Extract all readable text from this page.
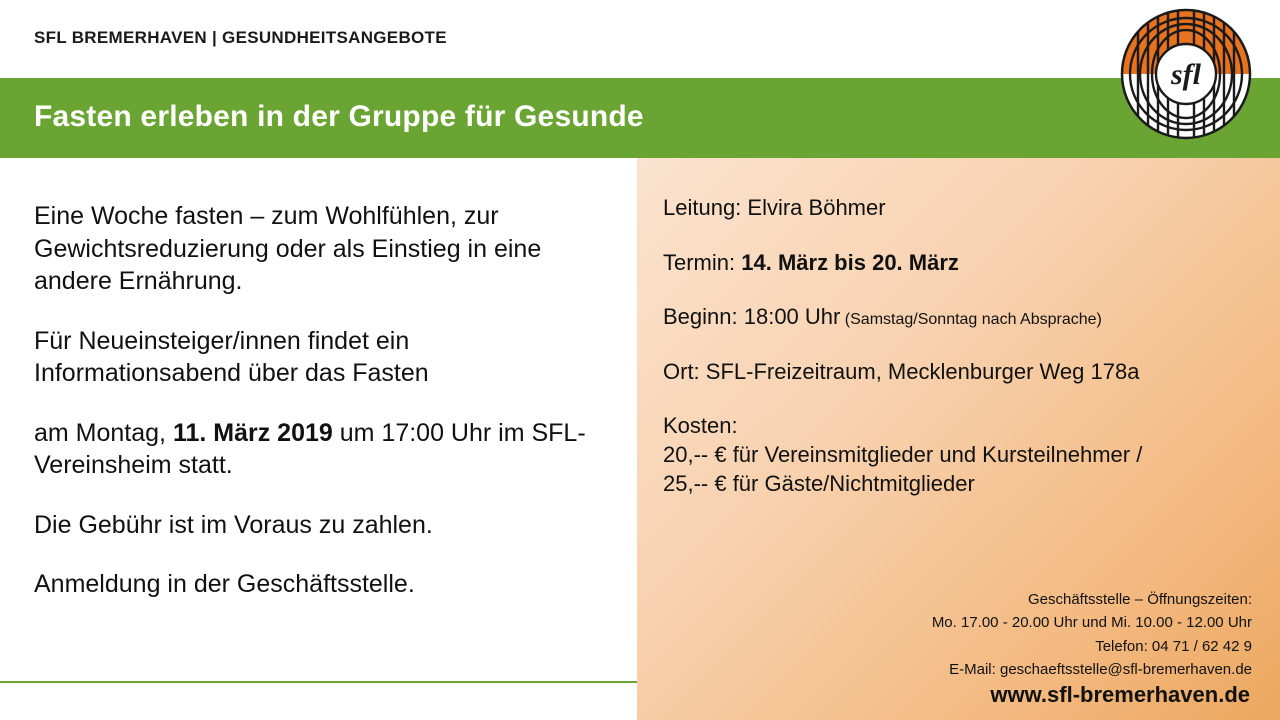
SFL BREMERHAVEN | GESUNDHEITSANGEBOTE
Fasten erleben in der Gruppe für Gesunde
sfl

Eine Woche fasten – zum Wohlfühlen, zur Gewichtsreduzierung oder als Einstieg in eine andere Ernährung.

Für Neueinsteiger/innen findet ein Informationsabend über das Fasten

am Montag, 11. März 2019 um 17:00 Uhr im SFL-Vereinsheim statt.

Die Gebühr ist im Voraus zu zahlen.

Anmeldung in der Geschäftsstelle.

Leitung: Elvira Böhmer
Termin: 14. März bis 20. März
Beginn: 18:00 Uhr (Samstag/Sonntag nach Absprache)
Ort: SFL-Freizeitraum, Mecklenburger Weg 178a
Kosten:
20,-- € für Vereinsmitglieder und Kursteilnehmer /
25,-- € für Gäste/Nichtmitglieder
Geschäftsstelle – Öffnungszeiten:
Mo. 17.00 - 20.00 Uhr und Mi. 10.00 - 12.00 Uhr
Telefon: 04 71 / 62 42 9
E-Mail: geschaeftsstelle@sfl-bremerhaven.de
www.sfl-bremerhaven.de
